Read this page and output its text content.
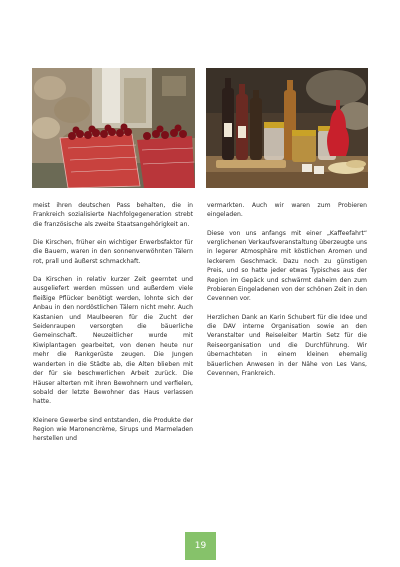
meist ihren deutschen Pass behalten, die in Frankreich sozialisierte Nachfolgegeneration strebt die französische als zweite Staatsangehörigkeit an.

Die Kirschen, früher ein wichtiger Erwerbsfaktor für die Bauern, waren in den sonnenverwöhnten Tälern rot, prall und äußerst schmackhaft.

Da Kirschen in relativ kurzer Zeit geerntet und ausgeliefert werden müssen und außerdem viele fleißige Pflücker benötigt werden, lohnte sich der Anbau in den nordöstlichen Tälern nicht mehr. Auch Kastanien und Maulbeeren für die Zucht der Seidenraupen versorgten die bäuerliche Gemeinschaft. Neuzeitlicher wurde mit Kiwiplantagen gearbeitet, von denen heute nur mehr die Rankgerüste zeugen. Die Jungen wanderten in die Städte ab, die Alten blieben mit der für sie beschwerlichen Arbeit zurück. Die Häuser alterten mit ihren Bewohnern und verfielen, sobald der letzte Bewohner das Haus verlassen hatte.

Kleinere Gewerbe sind entstanden, die Produkte der Region wie Maronencrème, Sirups und Marmeladen herstellen und

vermarkten. Auch wir waren zum Probieren eingeladen.

Diese von uns anfangs mit einer „Kaffeefahrt“ verglichenen Verkaufsveranstaltung überzeugte uns in legerer Atmosphäre mit köstlichen Aromen und leckerem Geschmack. Dazu noch zu günstigen Preis, und so hatte jeder etwas Typisches aus der Region im Gepäck und schwärmt daheim den zum Probieren Eingeladenen von der schönen Zeit in den Cevennen vor.

Herzlichen Dank an Karin Schubert für die Idee und die DAV interne Organisation sowie an den Veranstalter und Reiseleiter Martin Setz für die Reiseorganisation und die Durchführung. Wir übernachteten in einem kleinen ehemalig bäuerlichen Anwesen in der Nähe von Les Vans, Cevennen, Frankreich.

19
